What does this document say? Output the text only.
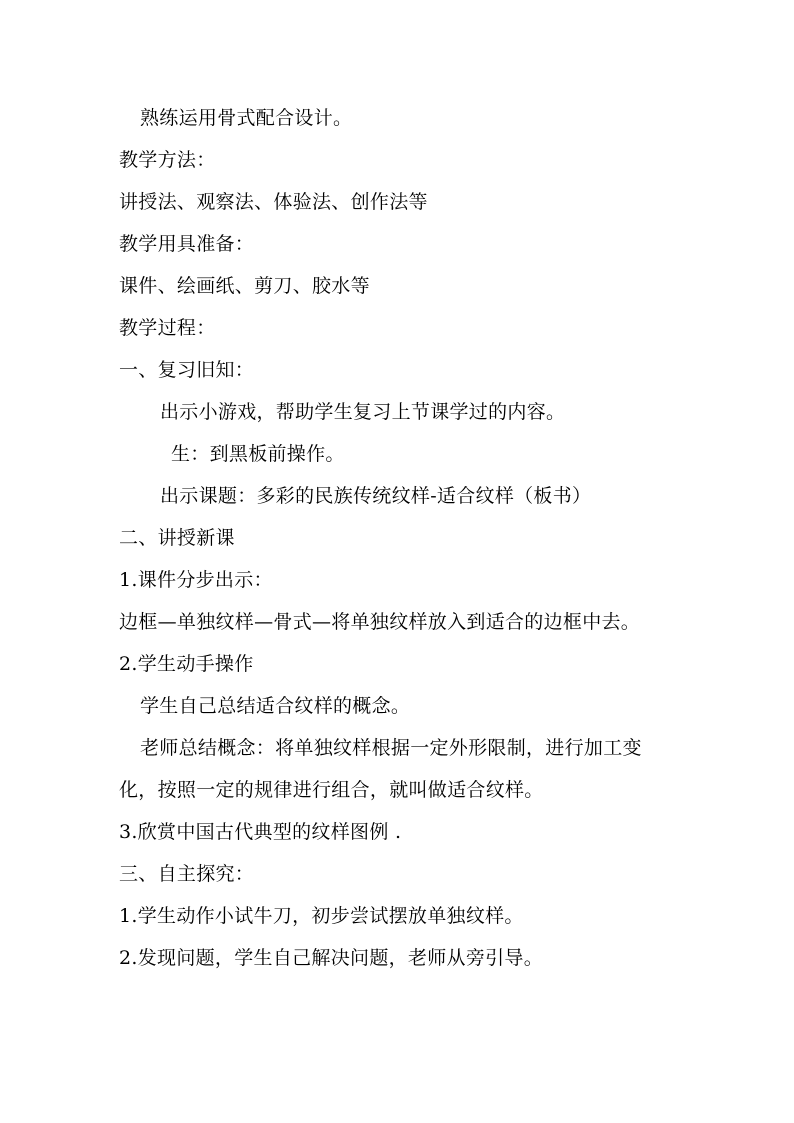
熟练运用骨式配合设计。
教学方法：
讲授法、观察法、体验法、创作法等
教学用具准备：
课件、绘画纸、剪刀、胶水等
教学过程：
一、复习旧知：
出示小游戏，帮助学生复习上节课学过的内容。
生：到黑板前操作。
出示课题：多彩的民族传统纹样-适合纹样（板书）
二、讲授新课
1.课件分步出示：
边框—单独纹样—骨式—将单独纹样放入到适合的边框中去。
2.学生动手操作
学生自己总结适合纹样的概念。
老师总结概念：将单独纹样根据一定外形限制，进行加工变
化，按照一定的规律进行组合，就叫做适合纹样。
3.欣赏中国古代典型的纹样图例 .
三、自主探究：
1.学生动作小试牛刀，初步尝试摆放单独纹样。
2.发现问题，学生自己解决问题，老师从旁引导。
